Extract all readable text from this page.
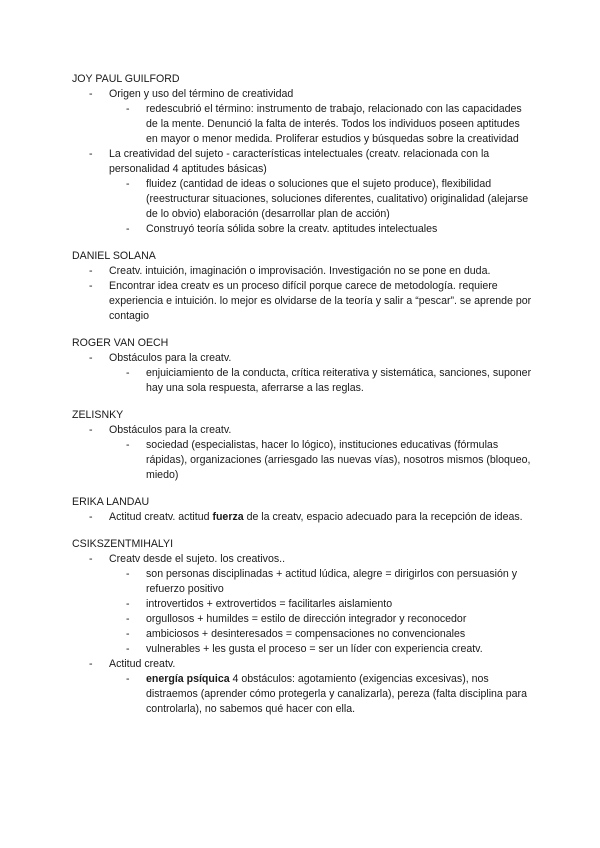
JOY PAUL GUILFORD

-	Origen y uso del término de creatividad
-	redescubrió el término: instrumento de trabajo, relacionado con las capacidades de la mente. Denunció la falta de interés. Todos los individuos poseen aptitudes en mayor o menor medida. Proliferar estudios y búsquedas sobre la creatividad
-	La creatividad del sujeto - características intelectuales (creatv. relacionada con la personalidad 4 aptitudes básicas)
-	fluidez (cantidad de ideas o soluciones que el sujeto produce), flexibilidad (reestructurar situaciones, soluciones diferentes, cualitativo) originalidad (alejarse de lo obvio) elaboración (desarrollar plan de acción)
-	Construyó teoría sólida sobre la creatv. aptitudes intelectuales

DANIEL SOLANA

-	Creatv. intuición, imaginación o improvisación. Investigación no se pone en duda.
-	Encontrar idea creatv es un proceso difícil porque carece de metodología. requiere experiencia e intuición. lo mejor es olvidarse de la teoría y salir a “pescar”. se aprende por contagio

ROGER VAN OECH

-	Obstáculos para la creatv.
-	enjuiciamiento de la conducta, crítica reiterativa y sistemática, sanciones, suponer hay una sola respuesta, aferrarse a las reglas.

ZELISNKY

-	Obstáculos para la creatv.
-	sociedad (especialistas, hacer lo lógico), instituciones educativas (fórmulas rápidas), organizaciones (arriesgado las nuevas vías), nosotros mismos (bloqueo, miedo)

ERIKA LANDAU

-	Actitud creatv. actitud fuerza de la creatv, espacio adecuado para la recepción de ideas.

CSIKSZENTMIHALYI

-	Creatv desde el sujeto. los creativos..
-	son personas disciplinadas + actitud lúdica, alegre = dirigirlos con persuasión y refuerzo positivo
-	introvertidos + extrovertidos = facilitarles aislamiento
-	orgullosos + humildes = estilo de dirección integrador y reconocedor
-	ambiciosos + desinteresados = compensaciones no convencionales
-	vulnerables + les gusta el proceso = ser un líder con experiencia creatv.
-	Actitud creatv.
-	energía psíquica 4 obstáculos: agotamiento (exigencias excesivas), nos distraemos (aprender cómo protegerla y canalizarla), pereza (falta disciplina para controlarla), no sabemos qué hacer con ella.
